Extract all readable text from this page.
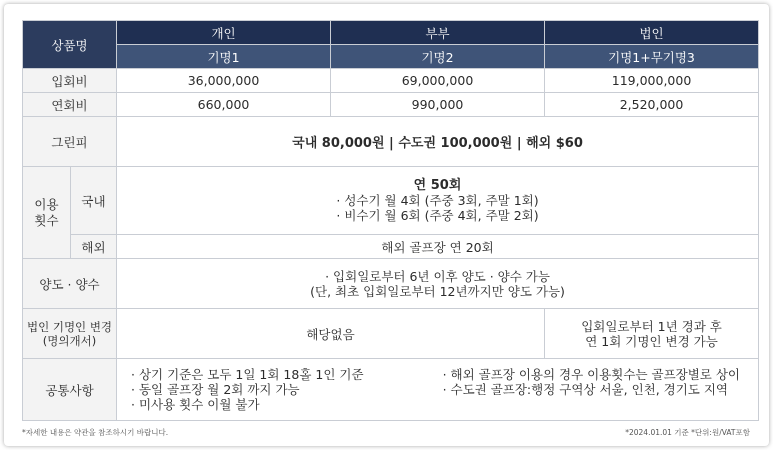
상품명		개인	부부	법인
		기명1	기명2	기명1+무기명3
입회비		36,000,000	69,000,000	119,000,000
연회비		660,000	990,000	2,520,000
그린피		국내 80,000원 | 수도권 100,000원 | 해외 $60		

이용
횟수	국내	연 50회
· 성수기 월 4회 (주중 3회, 주말 1회)
· 비수기 월 6회 (주중 4회, 주말 2회)		

	해외	해외 골프장 연 20회		
양도 · 양수		· 입회일로부터 6년 이후 양도 · 양수 가능
(단, 최초 입회일로부터 12년까지만 양도 가능)		

법인 기명인 변경
(명의개서)		해당없음		입회일로부터 1년 경과 후
연 1회 기명인 변경 가능

공통사항		· 상기 기준은 모두 1일 1회 18홀 1인 기준
· 동일 골프장 월 2회 까지 가능
· 미사용 횟수 이월 불가
· 해외 골프장 이용의 경우 이용횟수는 골프장별로 상이
· 수도권 골프장:행정 구역상 서울, 인천, 경기도 지역		
*자세한 내용은 약관을 참조하시기 바랍니다.	*2024.01.01 기준 *단위:원/VAT포함
